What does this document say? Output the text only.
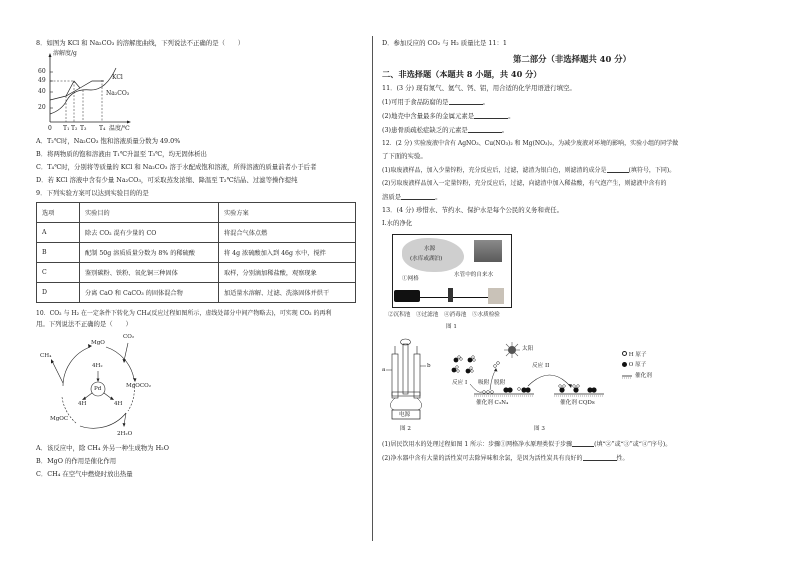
8．如图为 KCl 和 Na₂CO₃ 的溶解度曲线，下列说法不正确的是（　　）

溶解度/g
60
49
40
20
KCl
Na₂CO₃
0 T₁ T₂ T₃ T₄ 温度/℃

A．T₂℃时，Na₂CO₃ 饱和溶液质量分数为 49.0%

B．将两物质的饱和溶液由 T₁℃升温至 T₃℃，均无固体析出

C．T₄℃时，分别将等质量的 KCl 和 Na₂CO₃ 溶于水配成饱和溶液，所得溶液的质量前者小于后者

D．若 KCl 溶液中含有少量 Na₂CO₃，可采取蒸发浓缩、降温至 T₂℃结晶、过滤等操作提纯

9．下列实验方案可以达到实验目的的是

选项	实验目的	实验方案
A	除去 CO₂ 混有少量的 CO	将混合气体点燃
B	配制 50g 溶质质量分数为 8% 的稀硫酸	将 4g 浓硫酸加入到 46g 水中，搅拌
C	鉴别碳粉、铁粉、氧化铜三种固体	取样，分别滴加稀盐酸，观察现象
D	分离 CaO 和 CaCO₃ 的固体混合物	加适量水溶解、过滤、洗涤固体并烘干

10．CO₂ 与 H₂ 在一定条件下转化为 CH₄(反应过程如图所示，虚线处部分中间产物略去)，可实现 CO₂ 的再利

用。下列说法不正确的是（　　）

MgO
CO₂
CH₄
4H₂
Pd	MgOCO₂
4H	4H
MgOC
2H₂O

A．该反应中，除 CH₄ 外另一种生成物为 H₂O

B．MgO 的作用是催化作用

C．CH₄ 在空气中燃烧时放出热量

D．参加反应的 CO₂ 与 H₂ 质量比是 11：1

第二部分（非选择题共 40 分）

二、非选择题（本题共 8 小题，共 40 分）

11．(3 分) 现有氮气、氦气、钙、铝，用合适的化学用语进行填空。

(1)可用于食品防腐的是	。

(2)地壳中含量最多的金属元素是	。

(3)患骨质疏松症缺乏的元素是	。

12．(2 分) 实验废液中含有 AgNO₃、Cu(NO₃)₂ 和 Mg(NO₃)₂，为减少废液对环境的影响，实验小组的同学做

了下面的实验。

(1)取废液样品，加入少量锌粉，充分反应后，过滤，滤渣为银白色，则滤渣的成分是	(填符号，下同)。

(2)另取废液样品加入一定量锌粉，充分反应后，过滤，向滤渣中加入稀盐酸，有气泡产生，则滤液中含有的

溶质是	。

13．(4 分) 珍惜水、节约水、保护水是每个公民的义务和责任。

Ⅰ.水的净化

水源
(水库或湖泊)
水管中的自来水
①网格
②沉积池　③过滤池　④消毒池　⑤水质检验
图 1
a
b
电源
图 2
太阳
反应 I
反应 II
吸附 脱附
催化剂 C₃N₄	催化剂 CQDs
图 3
H 原子
O 原子
催化剂

(1)居民饮用水的处理过程如图 1 所示：步骤①网格净水原理类似于步骤	(填“②”或“③”或“④”序号)。

(2)净水器中含有大量的活性炭可去除异味和余氯，是因为活性炭具有良好的	性。
